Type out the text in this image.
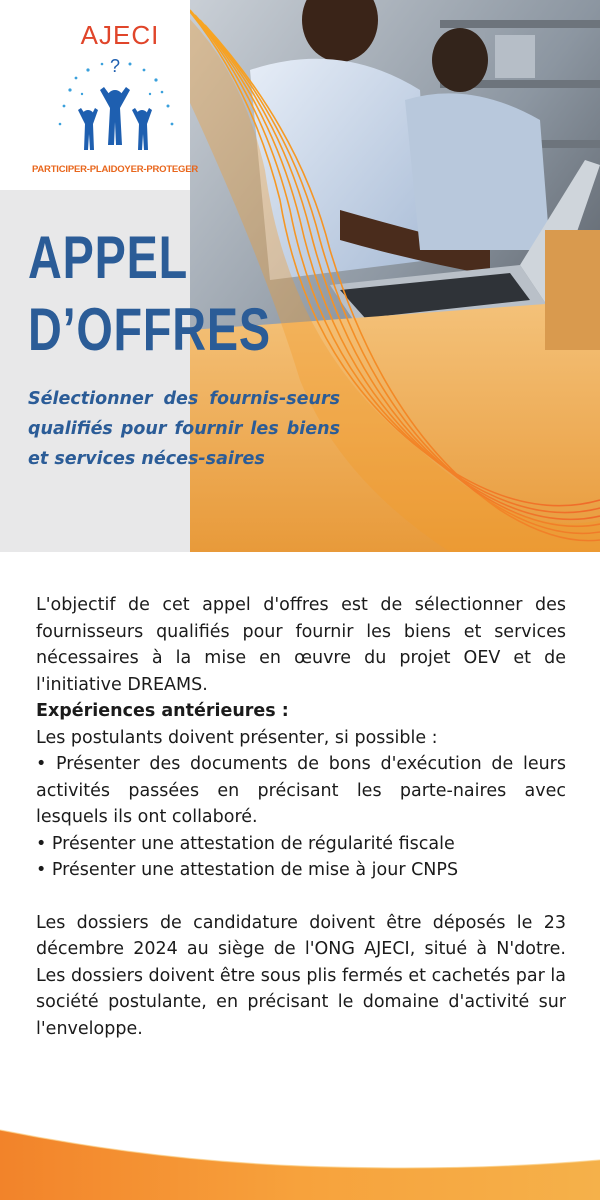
AJECI
?
PARTICIPER-PLAIDOYER-PROTEGER
APPEL
D’OFFRES
Sélectionner des fournis-seurs qualifiés pour fournir les biens et services néces-saires

L'objectif de cet appel d'offres est de sélectionner des fournisseurs qualifiés pour fournir les biens et services nécessaires à la mise en œuvre du projet OEV et de l'initiative DREAMS.

Expériences antérieures :

Les postulants doivent présenter, si possible :

• Présenter des documents de bons d'exécution de leurs activités passées en précisant les parte-naires avec lesquels ils ont collaboré.

• Présenter une attestation de régularité fiscale

• Présenter une attestation de mise à jour CNPS

Les dossiers de candidature doivent être déposés le 23 décembre 2024 au siège de l'ONG AJECI, situé à N'dotre. Les dossiers doivent être sous plis fermés et cachetés par la société postulante, en précisant le domaine d'activité sur l'enveloppe.
